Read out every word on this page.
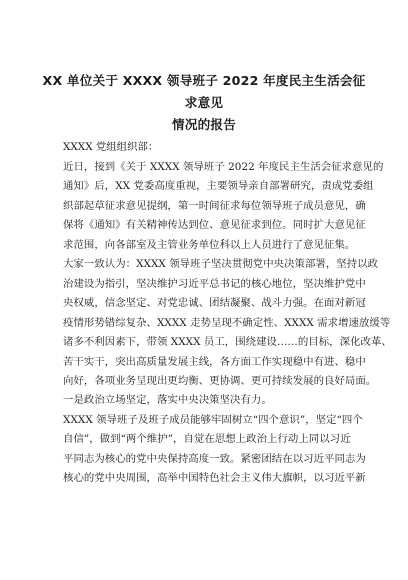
XX 单位关于 XXXX 领导班子 2022 年度民主生活会征求意见
情况的报告
XXXX 党组组织部：
近日，接到《关于 XXXX 领导班子 2022 年度民主生活会征求意见的
通知》后，XX 党委高度重视，主要领导亲自部署研究，责成党委组
织部起草征求意见提纲，第一时间征求每位领导班子成员意见，确
保将《通知》有关精神传达到位、意见征求到位。同时扩大意见征
求范围，向各部室及主管业务单位科以上人员进行了意见征集。
大家一致认为：XXXX 领导班子坚决贯彻党中央决策部署，坚持以政
治建设为指引，坚决维护习近平总书记的核心地位，坚决维护党中
央权威，信念坚定、对党忠诚、团结凝聚、战斗力强。在面对新冠
疫情形势错综复杂、XXXX 走势呈现不确定性、XXXX 需求增速放缓等
诸多不利因素下，带领 XXXX 员工，围绕建设……的目标，深化改革、
苦干实干，突出高质量发展主线，各方面工作实现稳中有进、稳中
向好，各项业务呈现出更均衡、更协调、更可持续发展的良好局面。
一是政治立场坚定，落实中央决策坚决有力。
XXXX 领导班子及班子成员能够牢固树立“四个意识”，坚定“四个
自信”，做到“两个维护”，自觉在思想上政治上行动上同以习近
平同志为核心的党中央保持高度一致。紧密团结在以习近平同志为
核心的党中央周围，高举中国特色社会主义伟大旗帜，以习近平新
